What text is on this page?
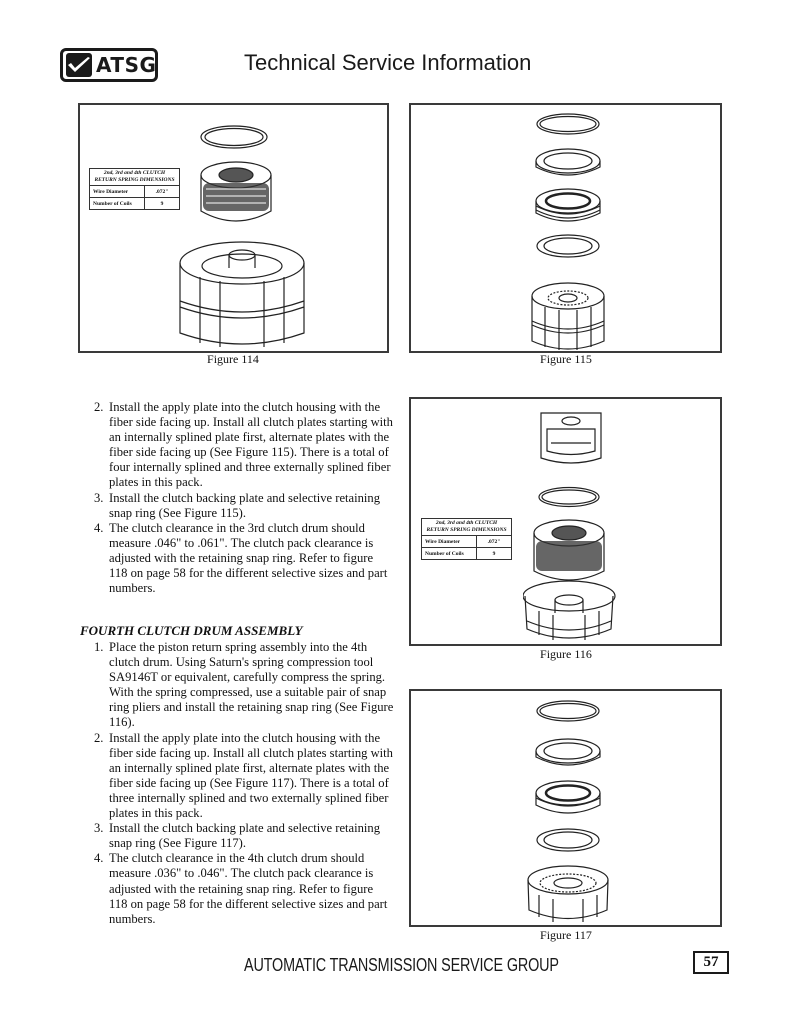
ATSG	Technical Service Information
2nd, 3rd and 4th CLUTCH RETURN SPRING DIMENSIONS	
Wire Diameter	.072"
Number of Coils	9
Figure 114	Figure 115
2. Install the apply plate into the clutch housing with the fiber side facing up. Install all clutch plates starting with an internally splined plate first, alternate plates with the fiber side facing up (See Figure 115). There is a total of four internally splined and three externally splined fiber plates in this pack.
3. Install the clutch backing plate and selective retaining snap ring (See Figure 115).
4. The clutch clearance in the 3rd clutch drum should measure .046" to .061". The clutch pack clearance is adjusted with the retaining snap ring. Refer to figure 118 on page 58 for the different selective sizes and part numbers.
FOURTH CLUTCH DRUM ASSEMBLY
1. Place the piston return spring assembly into the 4th clutch drum. Using Saturn's spring compression tool SA9146T or equivalent, carefully compress the spring. With the spring compressed, use a suitable pair of snap ring pliers and install the retaining snap ring (See Figure 116).
2. Install the apply plate into the clutch housing with the fiber side facing up. Install all clutch plates starting with an internally splined plate first, alternate plates with the fiber side facing up (See Figure 117). There is a total of three internally splined and two externally splined fiber plates in this pack.
3. Install the clutch backing plate and selective retaining snap ring (See Figure 117).
4. The clutch clearance in the 4th clutch drum should measure .036" to .046". The clutch pack clearance is adjusted with the retaining snap ring. Refer to figure 118 on page 58 for the different selective sizes and part numbers.
2nd, 3rd and 4th CLUTCH RETURN SPRING DIMENSIONS	
Wire Diameter	.072"
Number of Coils	9
Figure 116
Figure 117
AUTOMATIC TRANSMISSION SERVICE GROUP	57
